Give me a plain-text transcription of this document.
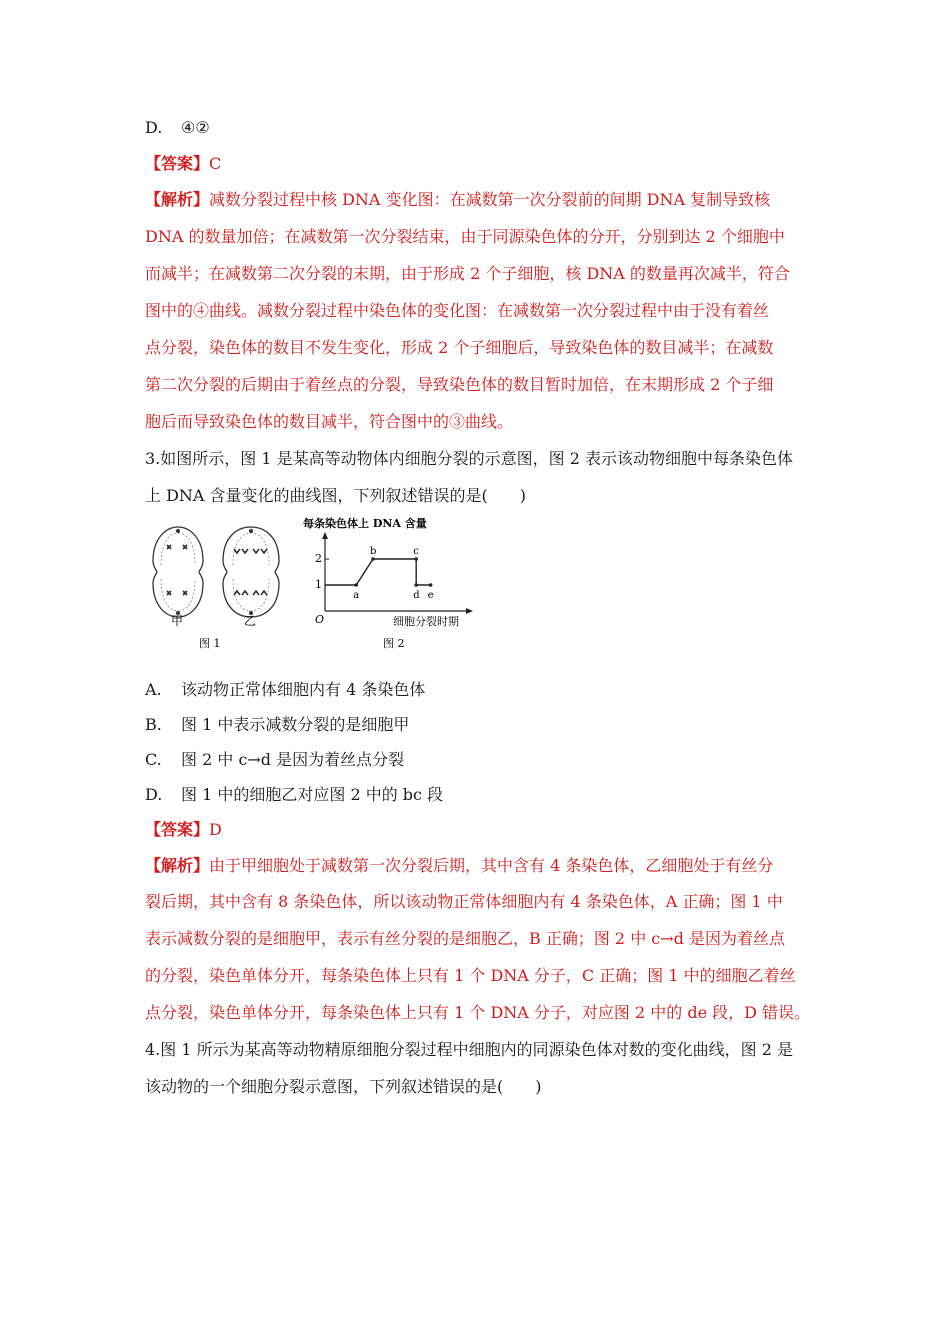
D. ④②
【答案】C
【解析】减数分裂过程中核 DNA 变化图：在减数第一次分裂前的间期 DNA 复制导致核
DNA 的数量加倍；在减数第一次分裂结束，由于同源染色体的分开，分别到达 2 个细胞中
而减半；在减数第二次分裂的末期，由于形成 2 个子细胞，核 DNA 的数量再次减半，符合
图中的④曲线。减数分裂过程中染色体的变化图：在减数第一次分裂过程中由于没有着丝
点分裂，染色体的数目不发生变化，形成 2 个子细胞后，导致染色体的数目减半；在减数
第二次分裂的后期由于着丝点的分裂，导致染色体的数目暂时加倍，在末期形成 2 个子细
胞后而导致染色体的数目减半，符合图中的③曲线。
3.如图所示，图 1 是某高等动物体内细胞分裂的示意图，图 2 表示该动物细胞中每条染色体
上 DNA 含量变化的曲线图，下列叙述错误的是(　　)
甲	乙
图 1
每条染色体上 DNA 含量
2
1
O	细胞分裂时期
图 2
a
b	c
d e
A. 该动物正常体细胞内有 4 条染色体
B. 图 1 中表示减数分裂的是细胞甲
C. 图 2 中 c→d 是因为着丝点分裂
D. 图 1 中的细胞乙对应图 2 中的 bc 段
【答案】D
【解析】由于甲细胞处于减数第一次分裂后期，其中含有 4 条染色体，乙细胞处于有丝分
裂后期，其中含有 8 条染色体，所以该动物正常体细胞内有 4 条染色体，A 正确；图 1 中
表示减数分裂的是细胞甲，表示有丝分裂的是细胞乙，B 正确；图 2 中 c→d 是因为着丝点
的分裂，染色单体分开，每条染色体上只有 1 个 DNA 分子，C 正确；图 1 中的细胞乙着丝
点分裂，染色单体分开，每条染色体上只有 1 个 DNA 分子，对应图 2 中的 de 段，D 错误。
4.图 1 所示为某高等动物精原细胞分裂过程中细胞内的同源染色体对数的变化曲线，图 2 是
该动物的一个细胞分裂示意图，下列叙述错误的是(　　)
